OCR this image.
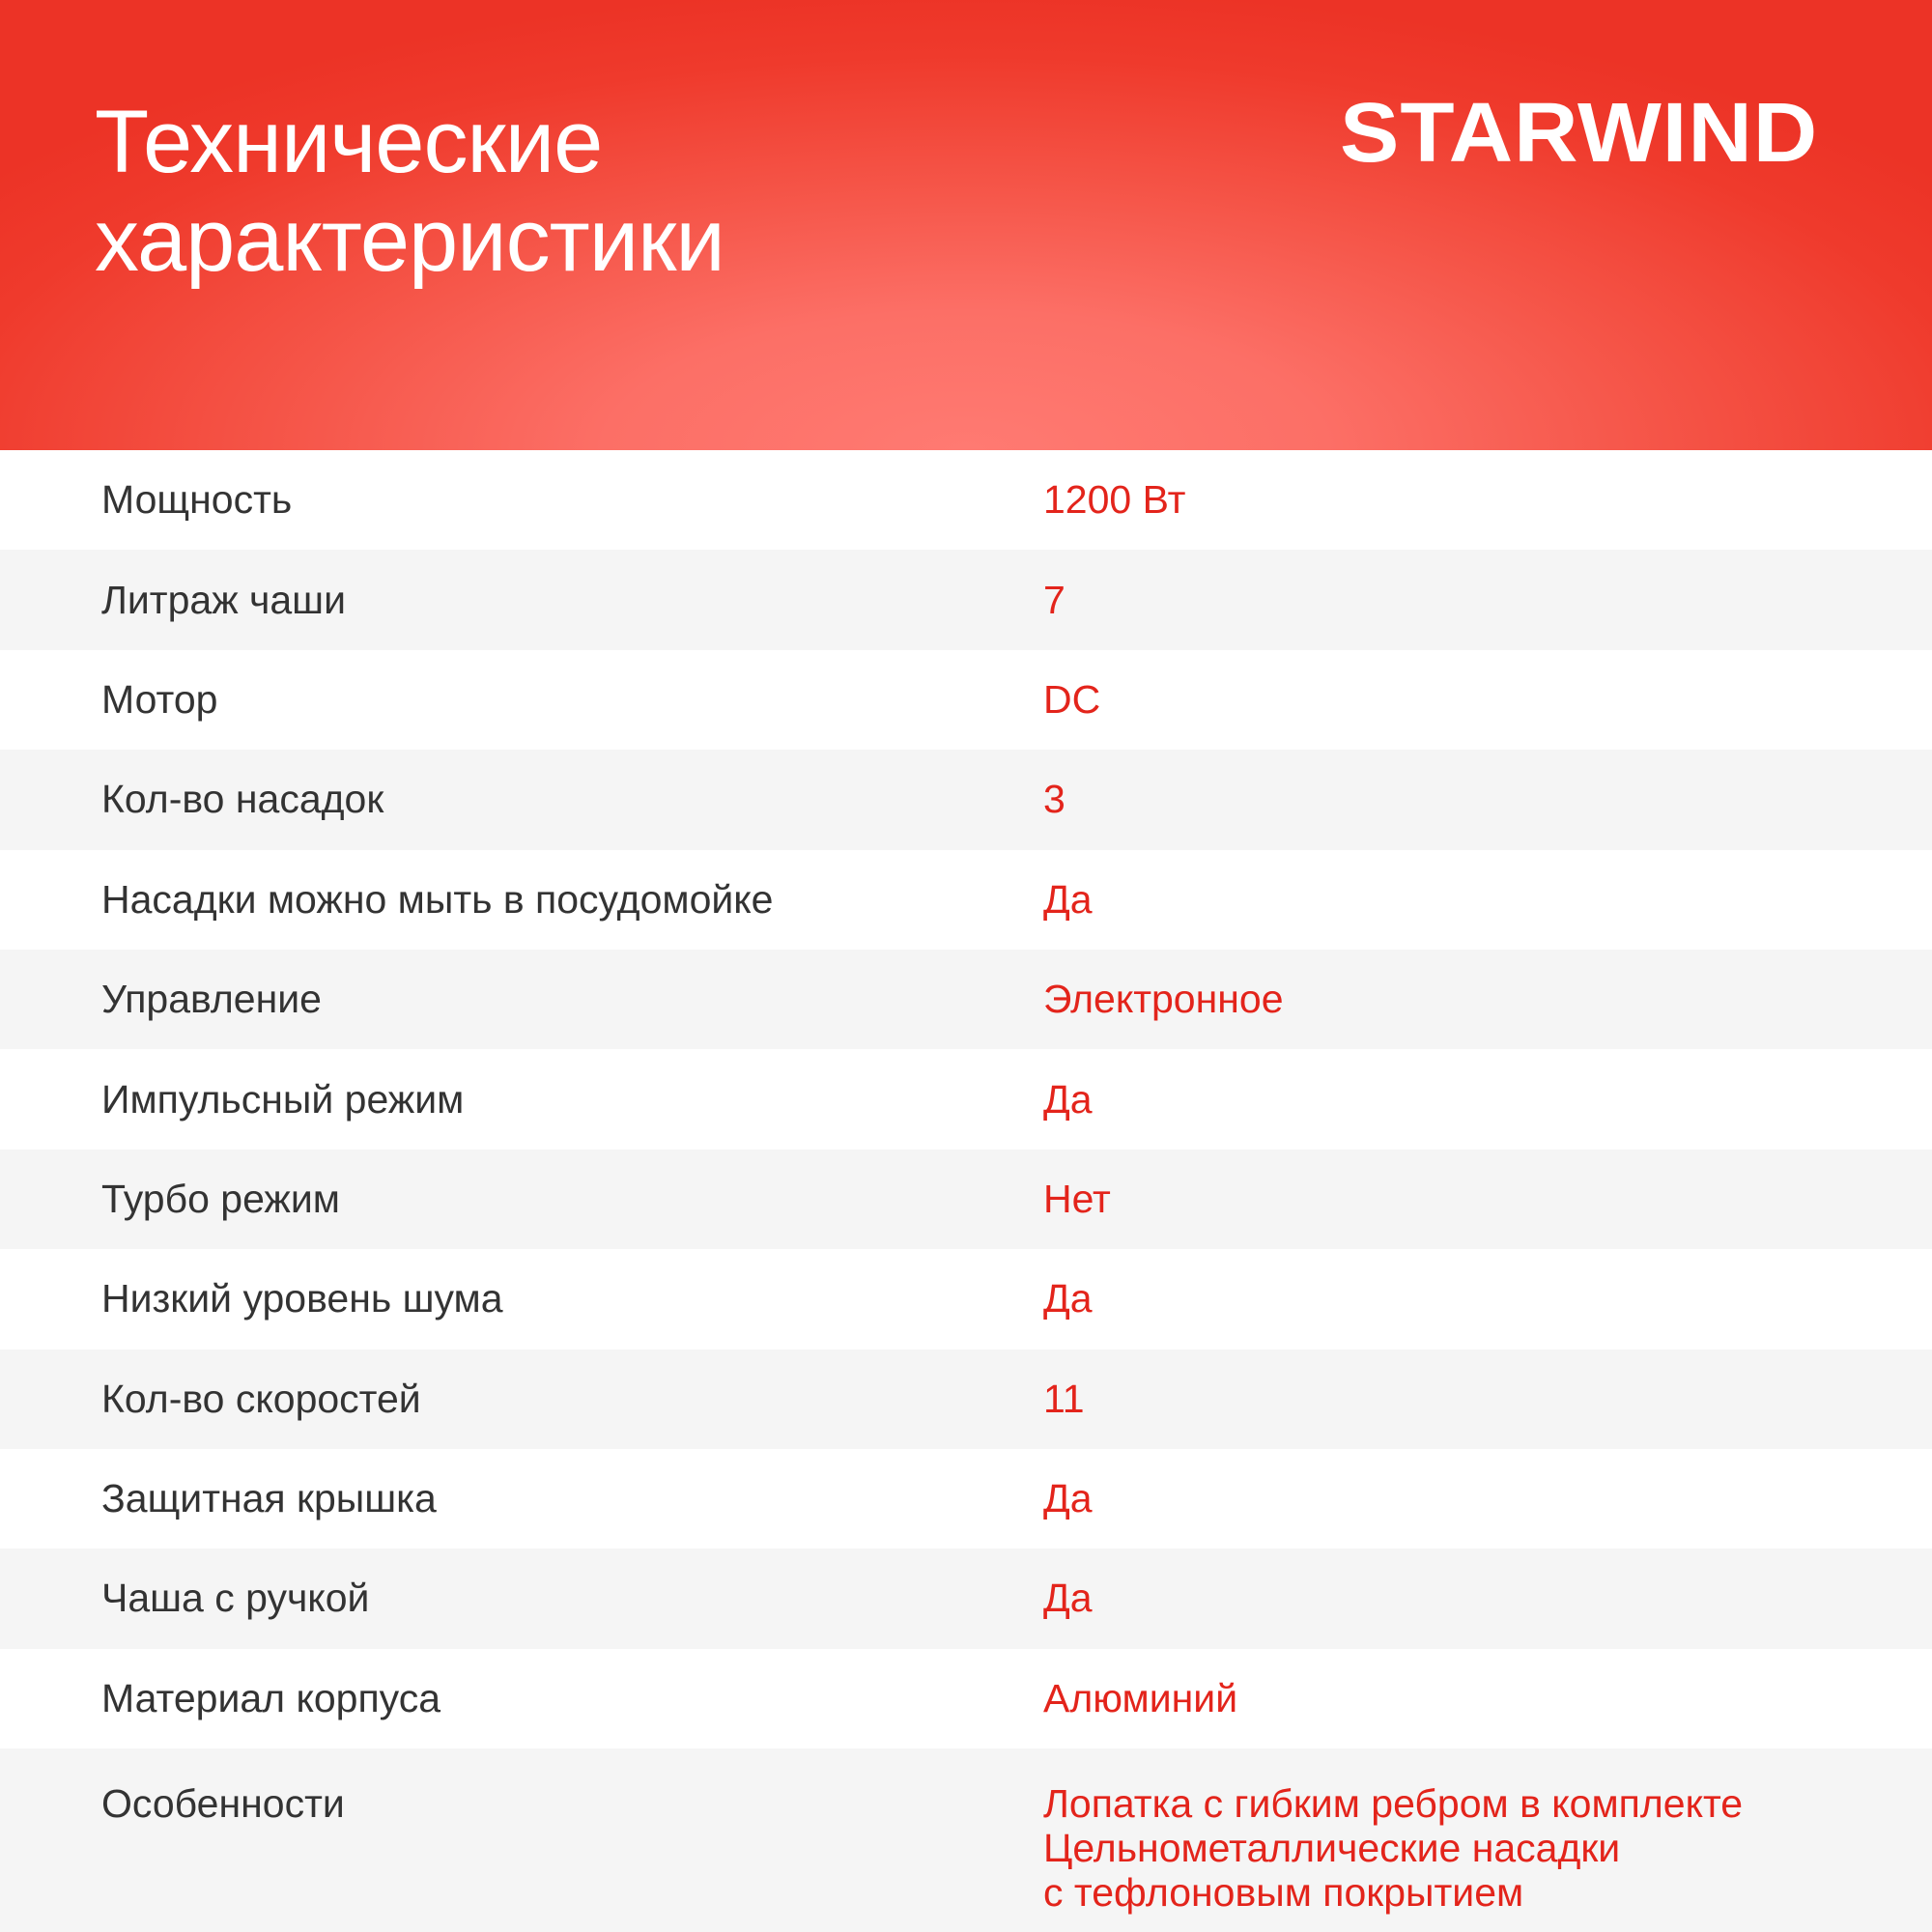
Технические
характеристики
STARWIND
Мощность	1200 Вт
Литраж чаши	7
Мотор	DC
Кол-во насадок	3
Насадки можно мыть в посудомойке	Да
Управление	Электронное
Импульсный режим	Да
Турбо режим	Нет
Низкий уровень шума	Да
Кол-во скоростей	11
Защитная крышка	Да
Чаша с ручкой	Да
Материал корпуса	Алюминий
Особенности	Лопатка с гибким ребром в комплекте
Цельнометаллические насадки
с тефлоновым покрытием
